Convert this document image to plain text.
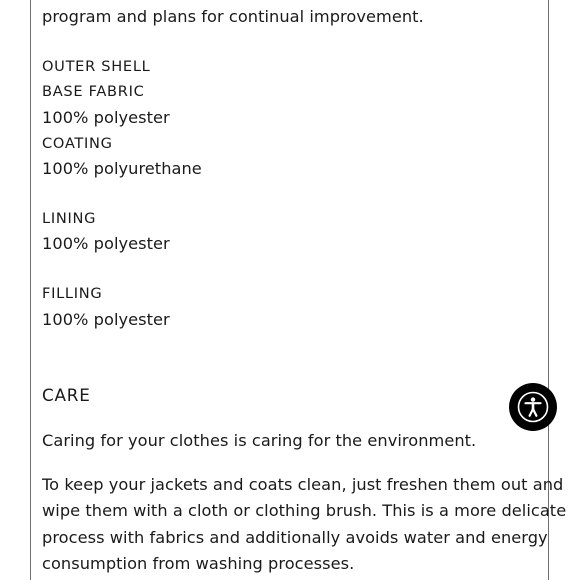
program and plans for continual improvement.
OUTER SHELL
BASE FABRIC
100% polyester
COATING
100% polyurethane
LINING
100% polyester
FILLING
100% polyester
CARE
Caring for your clothes is caring for the environment.
To keep your jackets and coats clean, just freshen them out and
wipe them with a cloth or clothing brush. This is a more delicate
process with fabrics and additionally avoids water and energy
consumption from washing processes.
